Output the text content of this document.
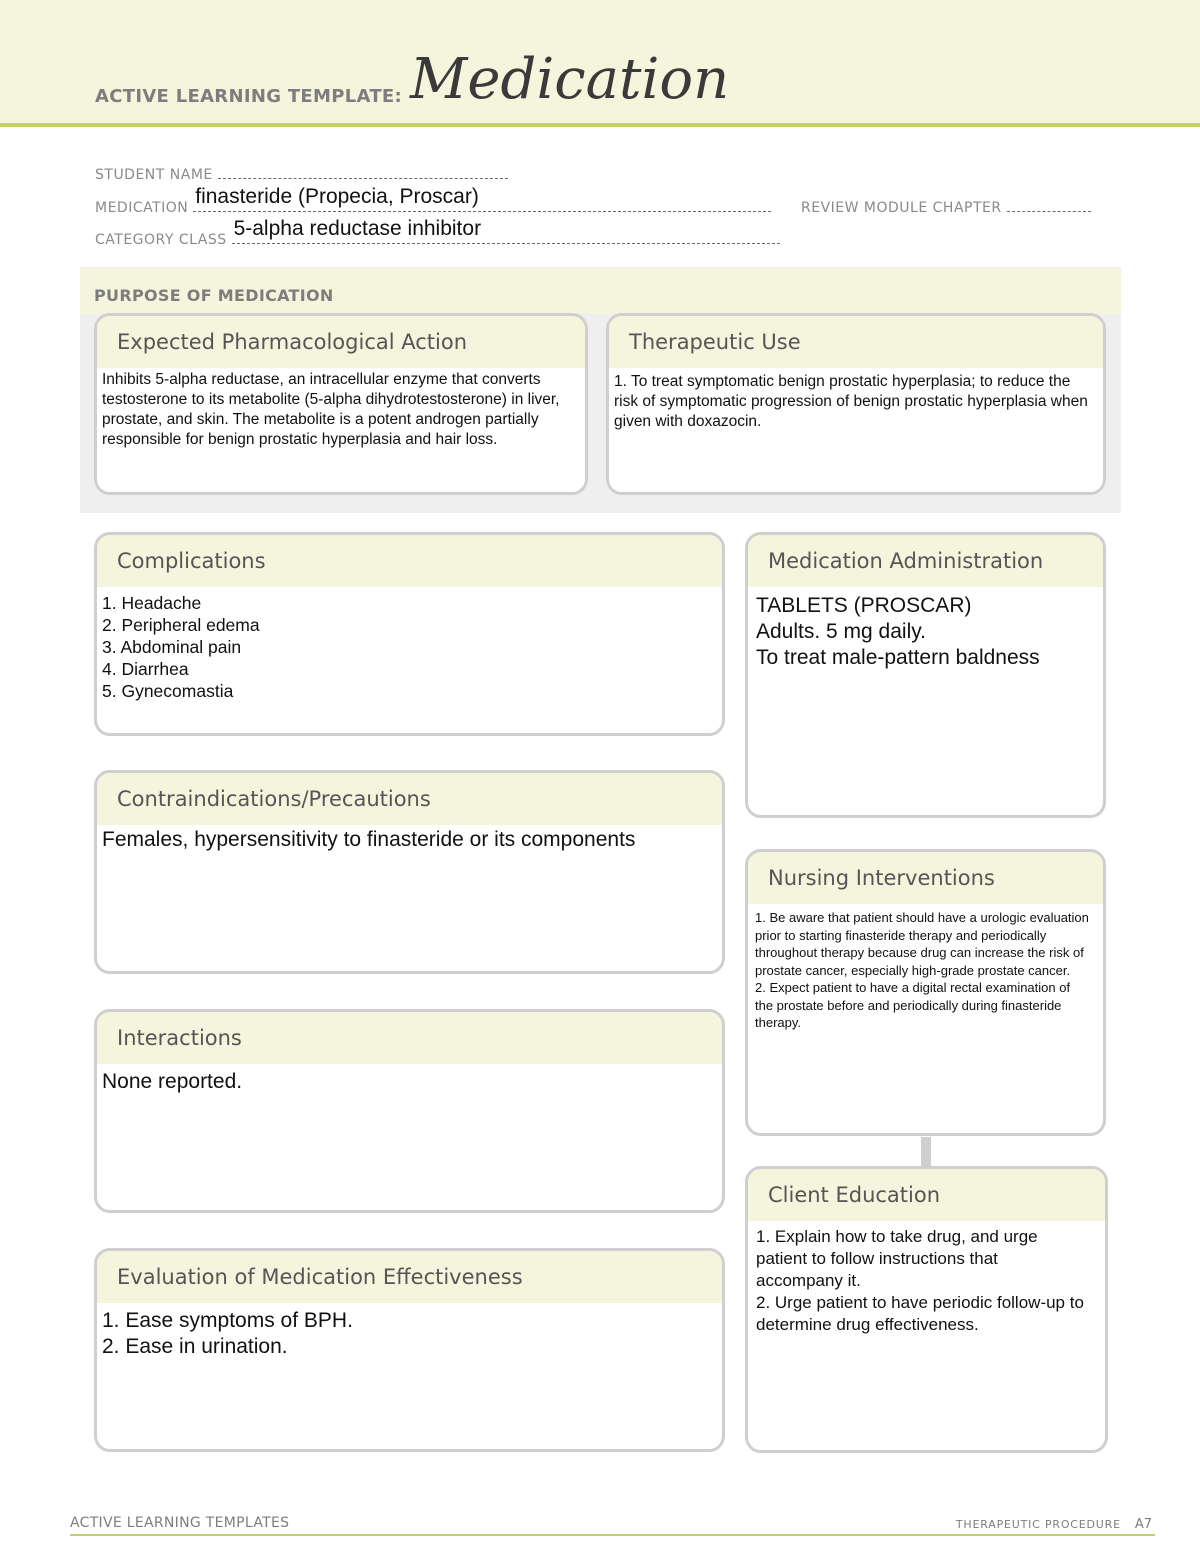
ACTIVE LEARNING TEMPLATE: Medication
STUDENT NAME
MEDICATION finasteride (Propecia, Proscar)	REVIEW MODULE CHAPTER
CATEGORY CLASS 5-alpha reductase inhibitor
PURPOSE OF MEDICATION
Expected Pharmacological Action
Inhibits 5-alpha reductase, an intracellular enzyme that converts testosterone to its metabolite (5-alpha dihydrotestosterone) in liver, prostate, and skin. The metabolite is a potent androgen partially responsible for benign prostatic hyperplasia and hair loss.
Therapeutic Use
1. To treat symptomatic benign prostatic hyperplasia; to reduce the risk of symptomatic progression of benign prostatic hyperplasia when given with doxazocin.
Complications
1. Headache
2. Peripheral edema
3. Abdominal pain
4. Diarrhea
5. Gynecomastia
Contraindications/Precautions
Females, hypersensitivity to finasteride or its components
Interactions
None reported.
Evaluation of Medication Effectiveness
1. Ease symptoms of BPH.
2. Ease in urination.
Medication Administration
TABLETS (PROSCAR)
Adults. 5 mg daily.
To treat male-pattern baldness
Nursing Interventions
1. Be aware that patient should have a urologic evaluation prior to starting finasteride therapy and periodically throughout therapy because drug can increase the risk of prostate cancer, especially high-grade prostate cancer.
2. Expect patient to have a digital rectal examination of the prostate before and periodically during finasteride therapy.
Client Education
1. Explain how to take drug, and urge patient to follow instructions that accompany it.
2. Urge patient to have periodic follow-up to determine drug effectiveness.
ACTIVE LEARNING TEMPLATES	THERAPEUTIC PROCEDURE A7
